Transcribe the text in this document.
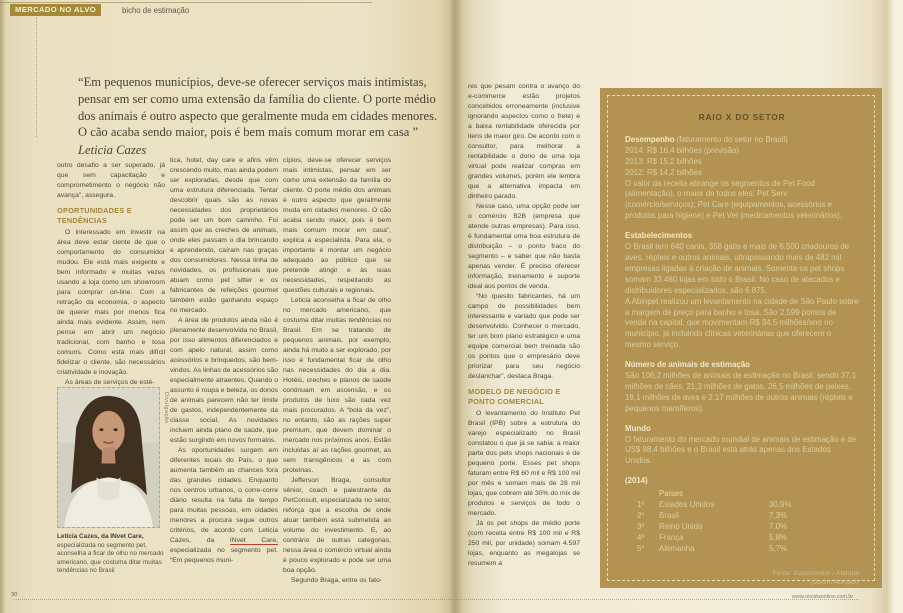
MERCADO NO ALVO	bicho de estimação
“Em pequenos municípios, deve-se oferecer serviços mais intimistas, pensar em ser como uma extensão da família do cliente. O porte médio dos animais é outro aspecto que geralmente muda em cidades menores. O cão acaba sendo maior, pois é bem mais comum morar em casa ”
Leticia Cazes

outro desafio a ser superado, já que sem capacitação e comprometimento o negócio não avança", assegura.

OPORTUNIDADES E TENDÊNCIAS

O interessado em investir na área deve estar ciente de que o comportamento do consumidor mudou. Ele está mais exigente e bem informado e muitas vezes usando a loja como um showroom para comprar on-line. Com a retração da economia, o aspecto de querer mais por menos fica ainda mais evidente. Assim, nem pense em abrir um negócio tradicional, com banho e tosa comuns. Como está mais difícil fidelizar o cliente, são necessários criatividade e inovação.

As áreas de serviços de esté-

tica, hotel, day care e afins vêm crescendo muito, mas ainda podem ser exploradas, desde que com uma estrutura diferenciada. Tentar descobrir quais são as novas necessidades dos proprietários pode ser um bom caminho. Foi assim que as creches de animais, onde eles passam o dia brincando e aprendendo, caíram nas graças dos consumidores. Nessa linha de novidades, os profissionais que atuam como pet sitter e os fabricantes de refeições gourmet também estão ganhando espaço no mercado.

A área de produtos ainda não é plenamente desenvolvida no Brasil, por isso alimentos diferenciados e com apelo natural, assim como acessórios e brinquedos, são bem-vindos. As linhas de acessórios são especialmente atraentes. Quando o assunto é roupa e beleza, os donos de animais parecem não ter limite de gastos, independentemente da classe social. As novidades incluem ainda plano de saúde, que estão surgindo em novos formatos.

As oportunidades surgem em diferentes locais do País, o que aumenta também as chances fora das grandes cidades. Enquanto nos centros urbanos, o corre-corre diário resulta na falta de tempo para muitas pessoas, em cidades menores a procura segue outros critérios, de acordo com Leticia Cazes, da INvet Care, especializada no segmento pet. “Em pequenos muni-

cípios, deve-se oferecer serviços mais intimistas, pensar em ser como uma extensão da família do cliente. O porte médio dos animais é outro aspecto que geralmente muda em cidades menores. O cão acaba sendo maior, pois é bem mais comum morar em casa”, explica a especialista. Para ela, o importante é montar um negócio adequado ao público que se pretende atingir e às suas necessidades, respeitando as questões culturais e regionais.

Leticia aconselha a ficar de olho no mercado americano, que costuma ditar muitas tendências no Brasil. Em se tratando de pequenos animais, por exemplo, ainda há muito a ser explorado, por isso é fundamental ficar de olho nas necessidades do dia a dia. Hotéis, creches e planos de saúde continuam em ascensão, e os produtos de luxo são cada vez mais procurados. A “bola da vez”, no entanto, são as rações super premium, que devem dominar o mercado nos próximos anos. Estão incluídas aí as rações gourmet, as sem transgênicos e as com proteínas.

Jefferson Braga, consultor sênior, coach e palestrante da PetConsult, especializada no setor, reforça que a escolha de onde atuar também está submetida ao volume do investimento. E, ao contrário de outras categorias, nessa área o comércio virtual ainda é pouco explorado e pode ser uma boa opção.

Segundo Braga, entre os fato-

res que pesam contra o avanço do e-commerce estão projetos concebidos erroneamente (inclusive ignorando aspectos como o frete) e a baixa rentabilidade oferecida por itens de maior giro. De acordo com o consultor, para melhorar a rentabilidade o dono de uma loja virtual pode realizar compras em grandes volumes, porém ele lembra que a alternativa impacta em dinheiro parado.

Nesse caso, uma opção pode ser o comércio B2B (empresa que atende outras empresas). Para isso, é fundamental uma boa estrutura de distribuição – o ponto fraco do segmento – e saber que não basta apenas vender. É preciso oferecer informação, treinamento e suporte ideal aos pontos de venda.

“No quesito fabricantes, há um campo de possibilidades bem interessante e variado que pode ser desenvolvido. Conhecer o mercado, ter um bom plano estratégico e uma equipe comercial bem treinada são os pontos que o empresário deve priorizar para seu negócio deslanchar”, destaca Braga.

MODELO DE NEGÓCIO E PONTO COMERCIAL

O levantamento do Instituto Pet Brasil (IPB) sobre a estrutura do varejo especializado no Brasil constatou o que já se sabia: a maior parte dos pets shops nacionais é de pequeno porte. Esses pet shops faturam entre R$ 60 mil e R$ 100 mil por mês e somam mais de 28 mil lojas, que cobrem até 30% do mix de produtos e serviços de todo o mercado.

Já os pet shops de médio porte (com receita entre R$ 100 mil e R$ 250 mil, por unidade) somam 4.597 lojas, enquanto as megalojas se resumem a

Divulgação
Leticia Cazes, da INvet Care, especializada no segmento pet, aconselha a ficar de olho no mercado americano, que costuma ditar muitas tendências no Brasil
RAIO X DO SETOR
Desempenho (faturamento do setor no Brasil)
2014: R$ 16,4 bilhões (previsão)
2013: R$ 15,2 bilhões
2012: R$ 14,2 bilhões

O valor da receita abrange os segmentos de Pet Food (alimentação), o maior de todos eles; Pet Serv (comércio/serviços); Pet Care (equipamentos, acessórios e produtos para higiene) e Pet Vet (medicamentos veterinários).

Estabelecimentos

O Brasil tem 640 canis, 358 gatis e mais de 6.500 criadouros de aves, répteis e outros animais, ultrapassando mais de 482 mil empresas ligadas à criação de animais. Somente os pet shops somam 33.480 lojas em todo o Brasil. No caso de atacados e distribuidores especializados, são 6.875.

A Abinpet realizou um levantamento na cidade de São Paulo sobre a margem de preço para banho e tosa. São 2.599 pontos de venda na capital, que movimentam R$ 34,5 milhões/ano no município, já incluindo clínicas veterinárias que oferecem o mesmo serviço.

Número de animais de estimação

São 106,2 milhões de animais de estimação no Brasil, sendo 37,1 milhões de cães, 21,3 milhões de gatos, 26,5 milhões de peixes, 19,1 milhões de aves e 2,17 milhões de outros animais (répteis e pequenos mamíferos).

Mundo

O faturamento do mercado mundial de animais de estimação é de US$ 98,4 bilhões e o Brasil está atrás apenas dos Estados Unidos.

(2014)
Países
1º	Estados Unidos	30,9%
2º	Brasil	7,3%
3º	Reino Unido	7,0%
4º	França	5,8%
5º	Alemanha	5,7%
Fonte: Euromonitor / Abinpet
(Junho Abinpet)
30	www.revistaonline.com.br
